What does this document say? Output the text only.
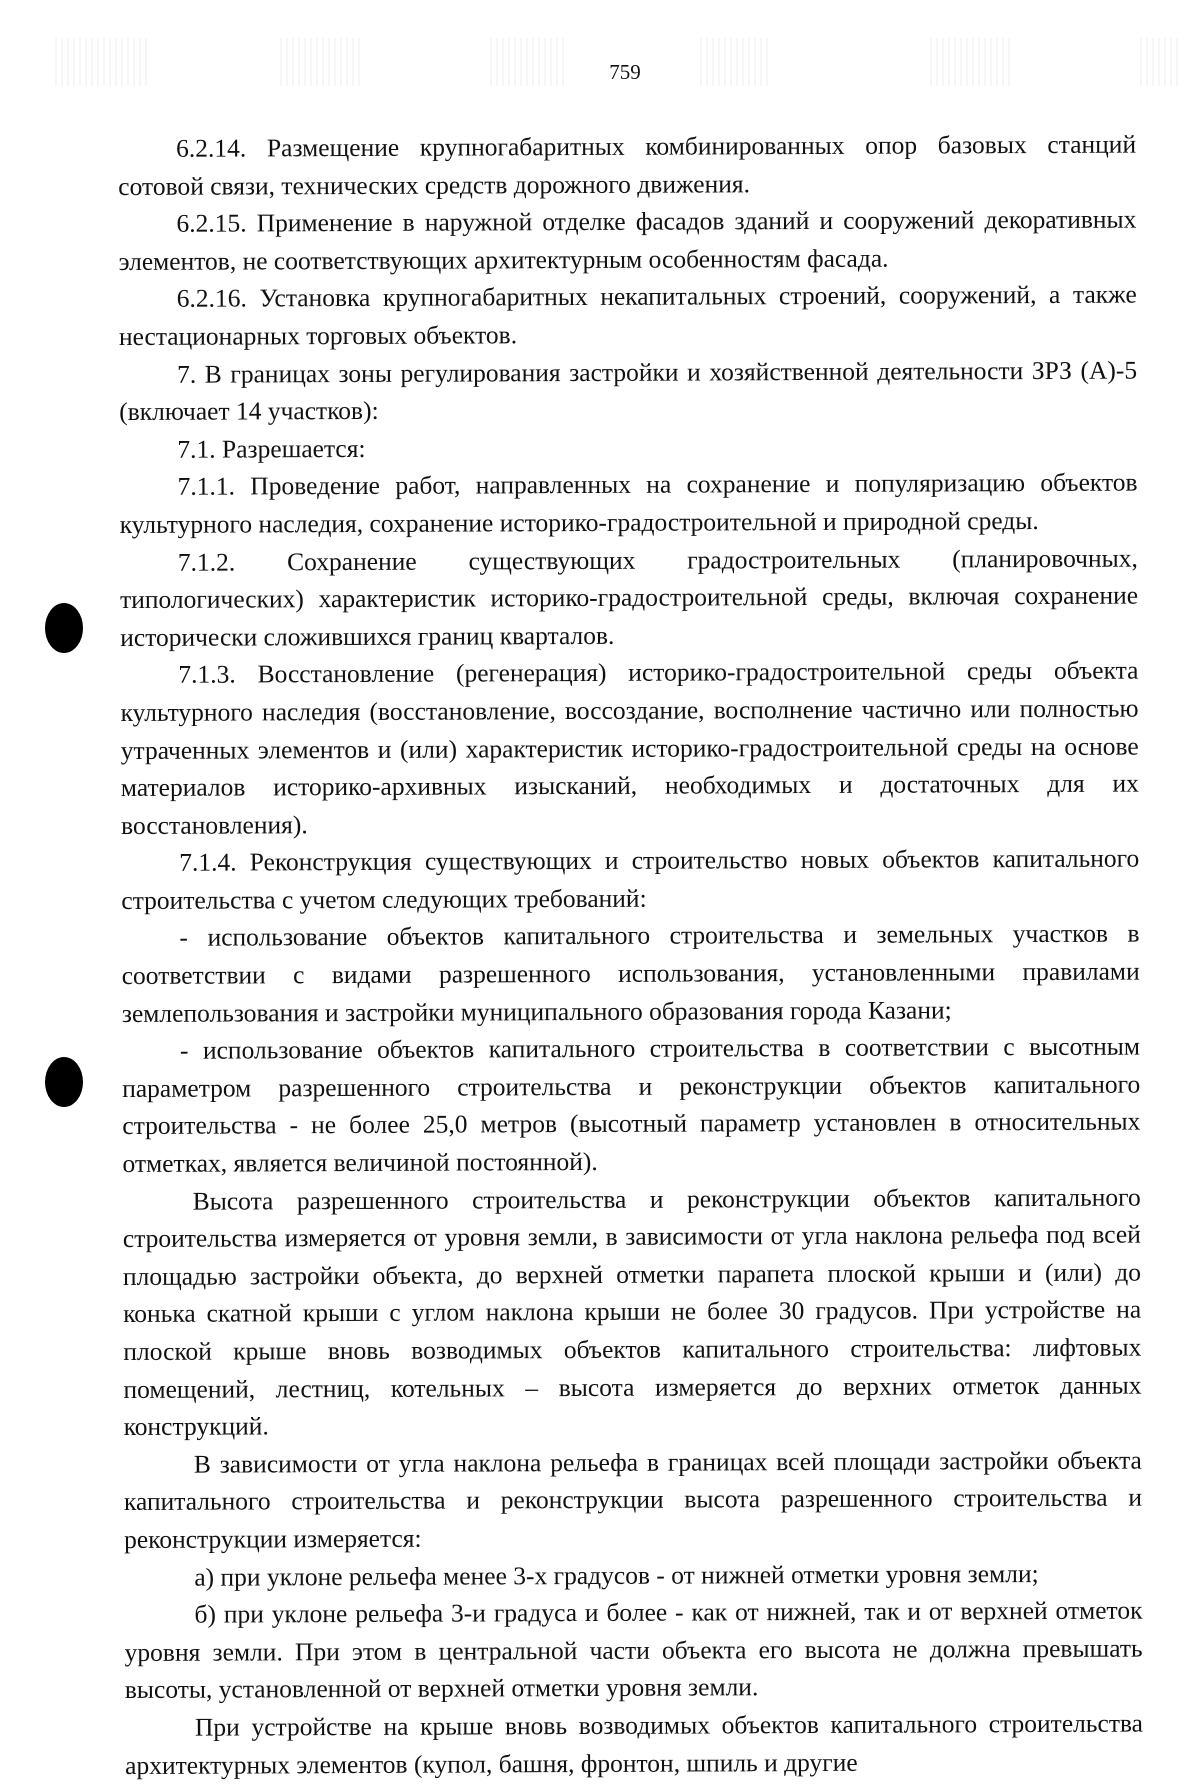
759

6.2.14. Размещение крупногабаритных комбинированных опор базовых станций сотовой связи, технических средств дорожного движения.

6.2.15. Применение в наружной отделке фасадов зданий и сооружений декоративных элементов, не соответствующих архитектурным особенностям фасада.

6.2.16. Установка крупногабаритных некапитальных строений, сооружений, а также нестационарных торговых объектов.

7. В границах зоны регулирования застройки и хозяйственной деятельности ЗРЗ (А)-5 (включает 14 участков):

7.1. Разрешается:

7.1.1. Проведение работ, направленных на сохранение и популяризацию объектов культурного наследия, сохранение историко-градостроительной и природной среды.

7.1.2. Сохранение существующих градостроительных (планировочных, типологических) характеристик историко-градостроительной среды, включая сохранение исторически сложившихся границ кварталов.

7.1.3. Восстановление (регенерация) историко-градостроительной среды объекта культурного наследия (восстановление, воссоздание, восполнение частично или полностью утраченных элементов и (или) характеристик историко-градостроительной среды на основе материалов историко-архивных изысканий, необходимых и достаточных для их восстановления).

7.1.4. Реконструкция существующих и строительство новых объектов капитального строительства с учетом следующих требований:

- использование объектов капитального строительства и земельных участков в соответствии с видами разрешенного использования, установленными правилами землепользования и застройки муниципального образования города Казани;

- использование объектов капитального строительства в соответствии с высотным параметром разрешенного строительства и реконструкции объектов капитального строительства - не более 25,0 метров (высотный параметр установлен в относительных отметках, является величиной постоянной).

Высота разрешенного строительства и реконструкции объектов капитального строительства измеряется от уровня земли, в зависимости от угла наклона рельефа под всей площадью застройки объекта, до верхней отметки парапета плоской крыши и (или) до конька скатной крыши с углом наклона крыши не более 30 градусов. При устройстве на плоской крыше вновь возводимых объектов капитального строительства: лифтовых помещений, лестниц, котельных – высота измеряется до верхних отметок данных конструкций.

В зависимости от угла наклона рельефа в границах всей площади застройки объекта капитального строительства и реконструкции высота разрешенного строительства и реконструкции измеряется:

а) при уклоне рельефа менее 3-х градусов - от нижней отметки уровня земли;

б) при уклоне рельефа 3-и градуса и более - как от нижней, так и от верхней отметок уровня земли. При этом в центральной части объекта его высота не должна превышать высоты, установленной от верхней отметки уровня земли.

При устройстве на крыше вновь возводимых объектов капитального строительства архитектурных элементов (купол, башня, фронтон, шпиль и другие
